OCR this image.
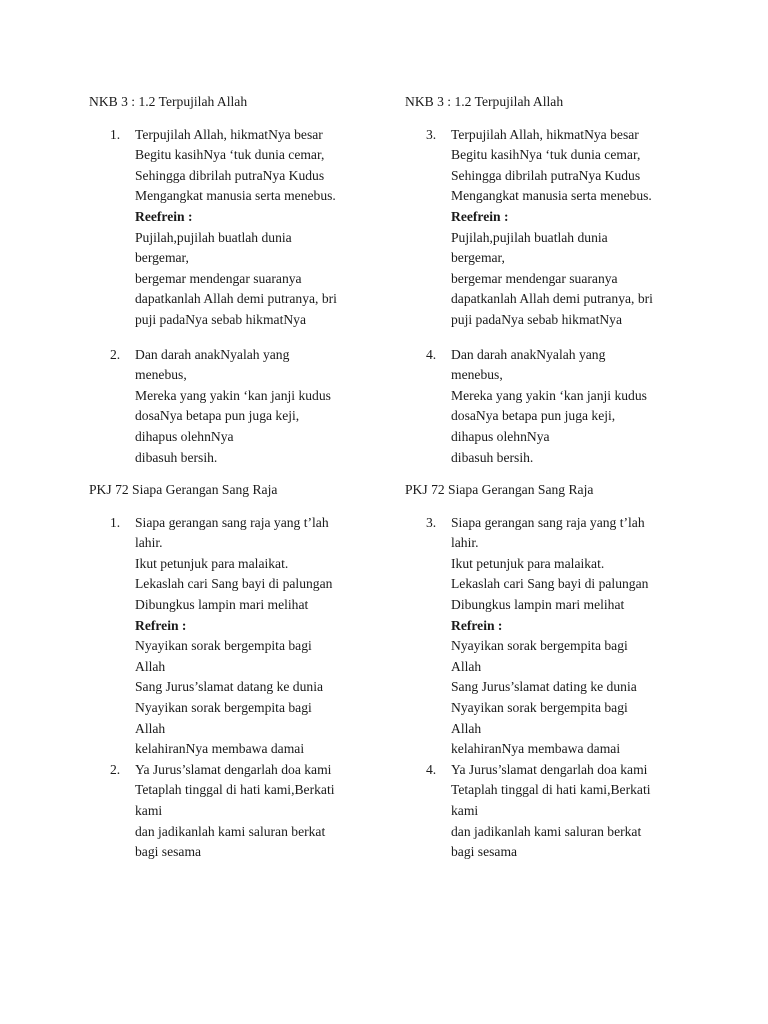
NKB 3 : 1.2 Terpujilah Allah
1. Terpujilah Allah, hikmatNya besar
Begitu kasihNya ‘tuk dunia cemar,
Sehingga dibrilah putraNya Kudus
Mengangkat manusia serta menebus.
Reefrein :
Pujilah,pujilah buatlah dunia
bergemar,
bergemar mendengar suaranya
dapatkanlah Allah demi putranya, bri
puji padaNya sebab hikmatNya
2. Dan darah anakNyalah yang
menebus,
Mereka yang yakin ‘kan janji kudus
dosaNya betapa pun juga keji,
dihapus olehnNya
dibasuh bersih.
PKJ 72 Siapa Gerangan Sang Raja
1. Siapa gerangan sang raja yang t’lah
lahir.
Ikut petunjuk para malaikat.
Lekaslah cari Sang bayi di palungan
Dibungkus lampin mari melihat
Refrein :
Nyayikan sorak bergempita bagi
Allah
Sang Jurus’slamat datang ke dunia
Nyayikan sorak bergempita bagi
Allah
kelahiranNya membawa damai
2. Ya Jurus’slamat dengarlah doa kami
Tetaplah tinggal di hati kami,Berkati
kami
dan jadikanlah kami saluran berkat
bagi sesama
NKB 3 : 1.2 Terpujilah Allah
3. Terpujilah Allah, hikmatNya besar
Begitu kasihNya ‘tuk dunia cemar,
Sehingga dibrilah putraNya Kudus
Mengangkat manusia serta menebus.
Reefrein :
Pujilah,pujilah buatlah dunia
bergemar,
bergemar mendengar suaranya
dapatkanlah Allah demi putranya, bri
puji padaNya sebab hikmatNya
4. Dan darah anakNyalah yang
menebus,
Mereka yang yakin ‘kan janji kudus
dosaNya betapa pun juga keji,
dihapus olehnNya
dibasuh bersih.
PKJ 72 Siapa Gerangan Sang Raja
3. Siapa gerangan sang raja yang t’lah
lahir.
Ikut petunjuk para malaikat.
Lekaslah cari Sang bayi di palungan
Dibungkus lampin mari melihat
Refrein :
Nyayikan sorak bergempita bagi
Allah
Sang Jurus’slamat dating ke dunia
Nyayikan sorak bergempita bagi
Allah
kelahiranNya membawa damai
4. Ya Jurus’slamat dengarlah doa kami
Tetaplah tinggal di hati kami,Berkati
kami
dan jadikanlah kami saluran berkat
bagi sesama
